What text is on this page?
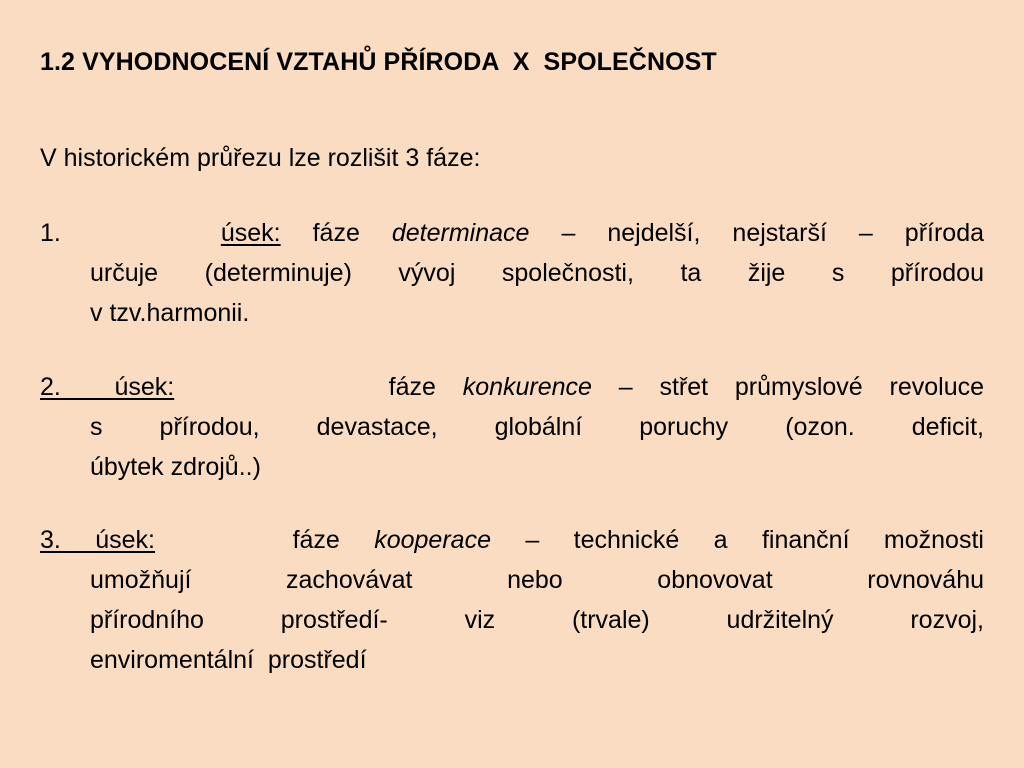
1.2 VYHODNOCENÍ VZTAHŮ PŘÍRODA  X  SPOLEČNOST
V historickém průřezu lze rozlišit 3 fáze:
1.	úsek: fáze determinace – nejdelší, nejstarší – příroda
určuje (determinuje) vývoj společnosti, ta žije s přírodou
v tzv.harmonii.
2.  úsek:	fáze konkurence – střet průmyslové revoluce
s přírodou, devastace, globální poruchy (ozon. deficit,
úbytek zdrojů..)
3. úsek:	fáze kooperace – technické a finanční možnosti
umožňují zachovávat nebo obnovovat rovnováhu
přírodního prostředí- viz (trvale) udržitelný rozvoj,
enviromentální  prostředí
